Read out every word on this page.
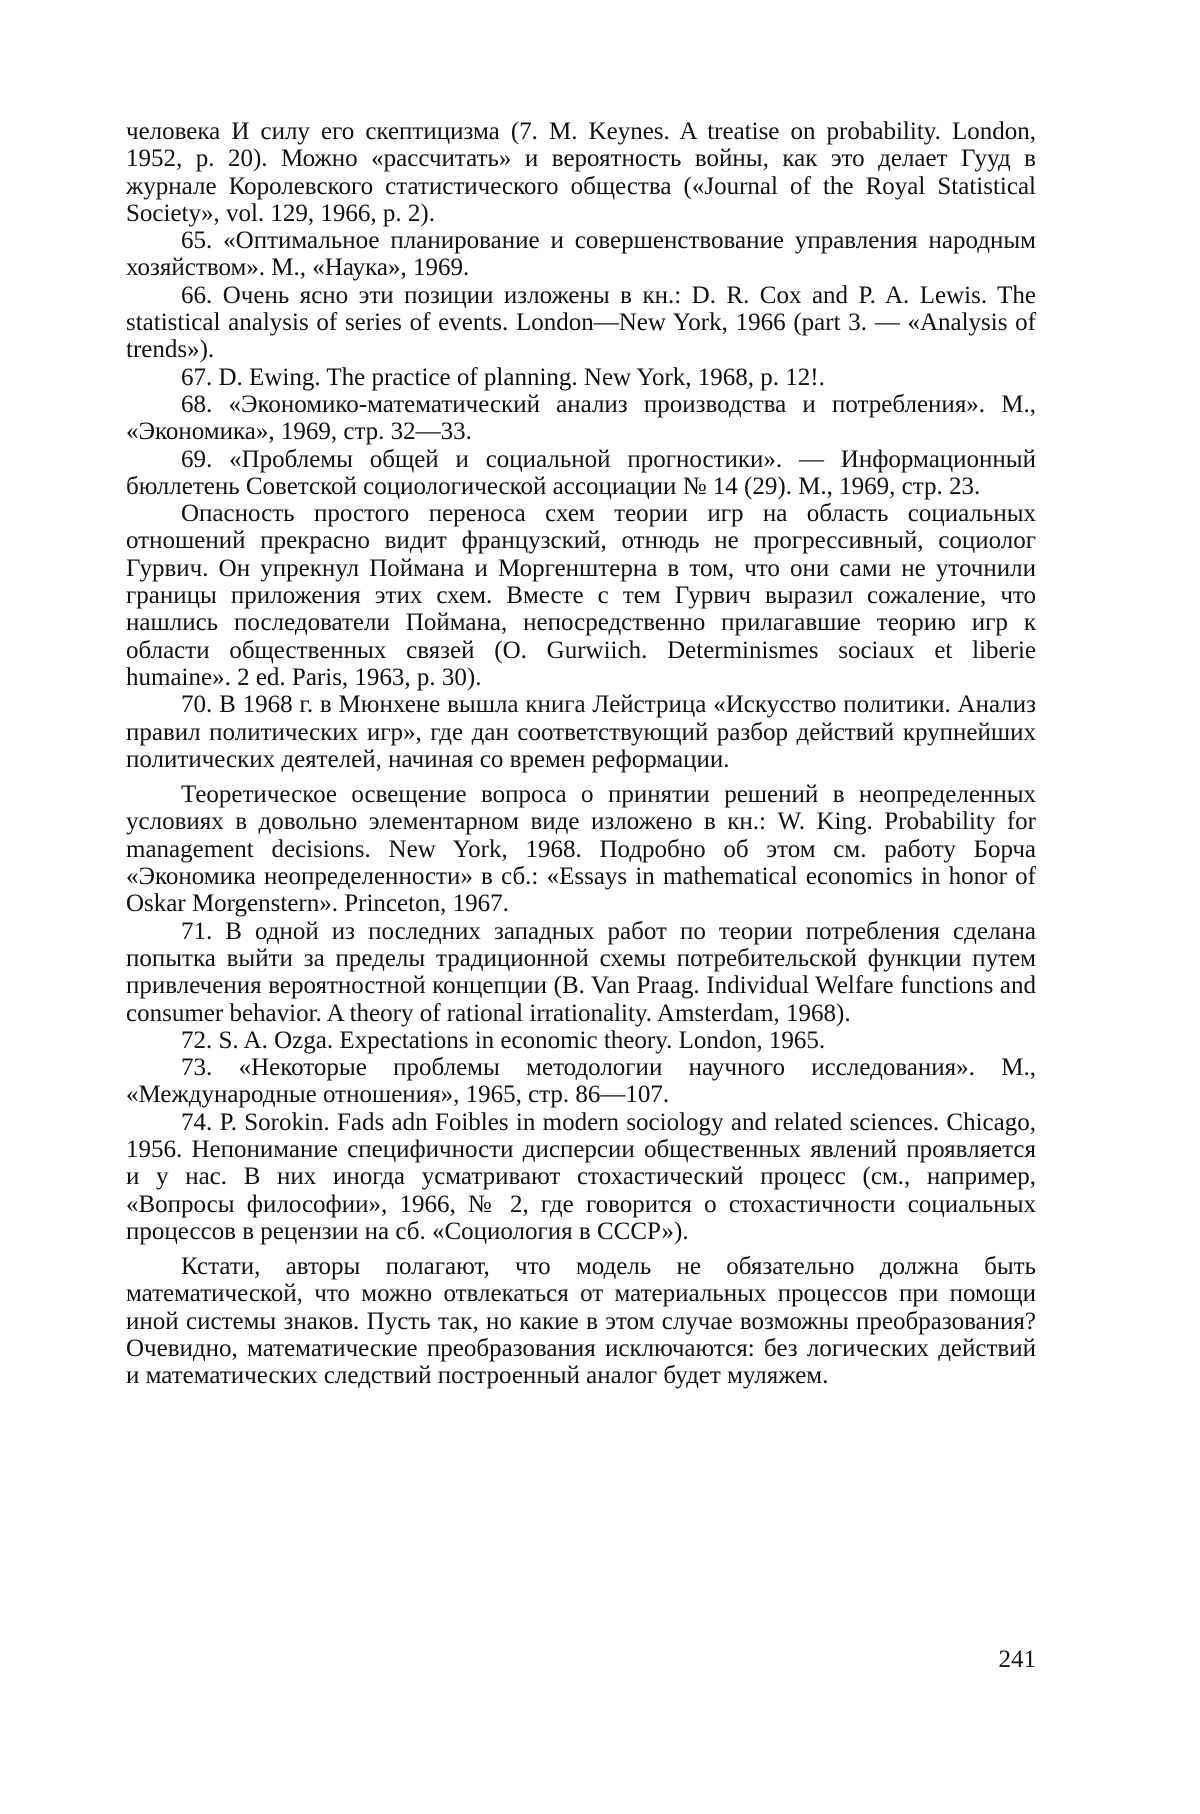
человека И силу его скептицизма (7. M. Keynes. A treatise on probability. London, 1952, p. 20). Можно «рассчитать» и вероятность войны, как это делает Гууд в журнале Королевского статистического общества («Journal of the Royal Statistical Society», vol. 129, 1966, p. 2).

65. «Оптимальное планирование и совершенствование управления народным хозяйством». М., «Наука», 1969.

66. Очень ясно эти позиции изложены в кн.: D. R. Cox and P. A. Lewis. The statistical analysis of series of events. London—New York, 1966 (part 3. — «Analysis of trends»).

67. D. Ewing. The practice of planning. New York, 1968, p. 12!.

68. «Экономико-математический анализ производства и потребления». М., «Экономика», 1969, стр. 32—33.

69. «Проблемы общей и социальной прогностики». — Информационный бюллетень Советской социологической ассоциации № 14 (29). М., 1969, стр. 23.

Опасность простого переноса схем теории игр на область социальных отношений прекрасно видит французский, отнюдь не прогрессивный, социолог Гурвич. Он упрекнул Поймана и Моргенштерна в том, что они сами не уточнили границы приложения этих схем. Вместе с тем Гурвич выразил сожаление, что нашлись последователи Поймана, непосредственно прилагавшие теорию игр к области общественных связей (О. Gurwiich. Determinismes sociaux et liberie humaine». 2 ed. Paris, 1963, p. 30).

70. В 1968 г. в Мюнхене вышла книга Лейстрица «Искусство политики. Анализ правил политических игр», где дан соответствующий разбор действий крупнейших политических деятелей, начиная со времен реформации.

Теоретическое освещение вопроса о принятии решений в неопределенных условиях в довольно элементарном виде изложено в кн.: W. King. Probability for management decisions. New York, 1968. Подробно об этом см. работу Борча «Экономика неопределенности» в сб.: «Essays in mathematical economics in honor of Oskar Morgenstern». Princeton, 1967.

71. В одной из последних западных работ по теории потребления сделана попытка выйти за пределы традиционной схемы потребительской функции путем привлечения вероятностной концепции (B. Van Praag. Individual Welfare functions and consumer behavior. A theory of rational irrationality. Amsterdam, 1968).

72. S. A. Ozga. Expectations in economic theory. London, 1965.

73. «Некоторые проблемы методологии научного исследования». М., «Международные отношения», 1965, стр. 86—107.

74. P. Sorokin. Fads adn Foibles in modern sociology and related sciences. Chicago, 1956. Непонимание специфичности дисперсии общественных явлений проявляется и у нас. В них иногда усматривают стохастический процесс (см., например, «Вопросы философии», 1966, № 2, где говорится о стохастичности социальных процессов в рецензии на сб. «Социология в СССР»).

Кстати, авторы полагают, что модель не обязательно должна быть математической, что можно отвлекаться от материальных процессов при помощи иной системы знаков. Пусть так, но какие в этом случае возможны преобразования? Очевидно, математические преобразования исключаются: без логических действий и математических следствий построенный аналог будет муляжем.

241
